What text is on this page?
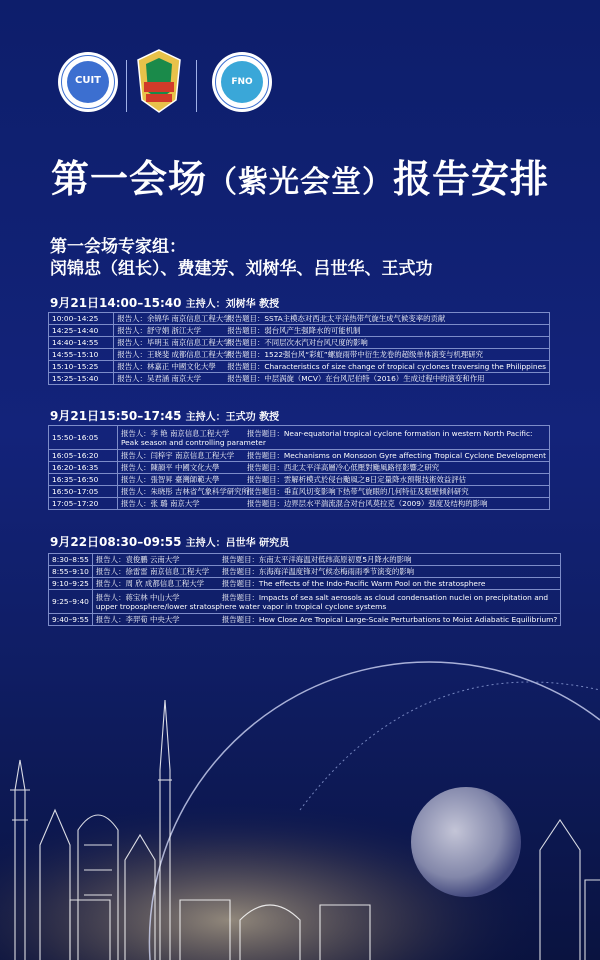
CUIT	FNO
第一会场（紫光会堂）报告安排
第一会场专家组：
闵锦忠（组长）、费建芳、刘树华、吕世华、王式功
9月21日14:00–15:40 主持人：刘树华 教授
10:00–14:25	报告人：余锦华 南京信息工程大学报告题目：SSTA主模态对西北太平洋热带气旋生成气候变率的贡献
14:25–14:40	报告人：舒守娟 浙江大学 报告题目：弱台风产生强降水的可能机制
14:40–14:55	报告人：毕明玉 南京信息工程大学报告题目：不同层次水汽对台风尺度的影响
14:55–15:10	报告人：王晓斐 成都信息工程大学报告题目：1522强台风“彩虹”螺旋雨带中衍生龙卷的超级单体演变与机理研究
15:10–15:25	报告人：林嘉正 中國文化大學 报告题目：Characteristics of size change of tropical cyclones traversing the Philippines
15:25–15:40	报告人：吴君涵 南京大学 报告题目：中层涡旋（MCV）在台风尼伯特（2016）生成过程中的演变和作用
9月21日15:50–17:45 主持人：王式功 教授
15:50–16:05	报告人：李 艳 南京信息工程大学 报告题目：Near-equatorial tropical cyclone formation in western North Pacific: Peak season and controlling parameter
16:05–16:20	报告人：闫梓宇 南京信息工程大学 报告题目：Mechanisms on Monsoon Gyre affecting Tropical Cyclone Development
16:20–16:35	报告人：陳韻平 中國文化大學 报告题目：西北太平洋高層冷心低壓對颱風路徑影響之研究
16:35–16:50	报告人：張智昇 臺灣師範大學 报告题目：雲解析模式於侵台颱風之8日定量降水預報技術效益評估
16:50–17:05	报告人：朱晓彤 吉林省气象科学研究所报告题目：垂直风切变影响下热带气旋眼的几何特征及眼壁倾斜研究
17:05–17:20	报告人：张 璐 南京大学 报告题目：边界层水平湍流混合对台风莫拉克（2009）强度及结构的影响
9月22日08:30–09:55 主持人：吕世华 研究员
8:30–8:55	报告人：袁俊鹏 云南大学 报告题目：东南太平洋海温对低纬高原初夏5月降水的影响
8:55–9:10	报告人：徐雷雷 南京信息工程大学 报告题目：东海海洋温度锋对气候态梅雨雨季节演变的影响
9:10–9:25	报告人：周 欣 成都信息工程大学 报告题目：The effects of the Indo-Pacific Warm Pool on the stratosphere
9:25–9:40	报告人：蒋宝林 中山大学 报告题目：Impacts of sea salt aerosols as cloud condensation nuclei on precipitation and upper troposphere/lower stratosphere water vapor in tropical cyclone systems
9:40–9:55	报告人：李羿荀 中央大学 报告题目：How Close Are Tropical Large-Scale Perturbations to Moist Adiabatic Equilibrium?
